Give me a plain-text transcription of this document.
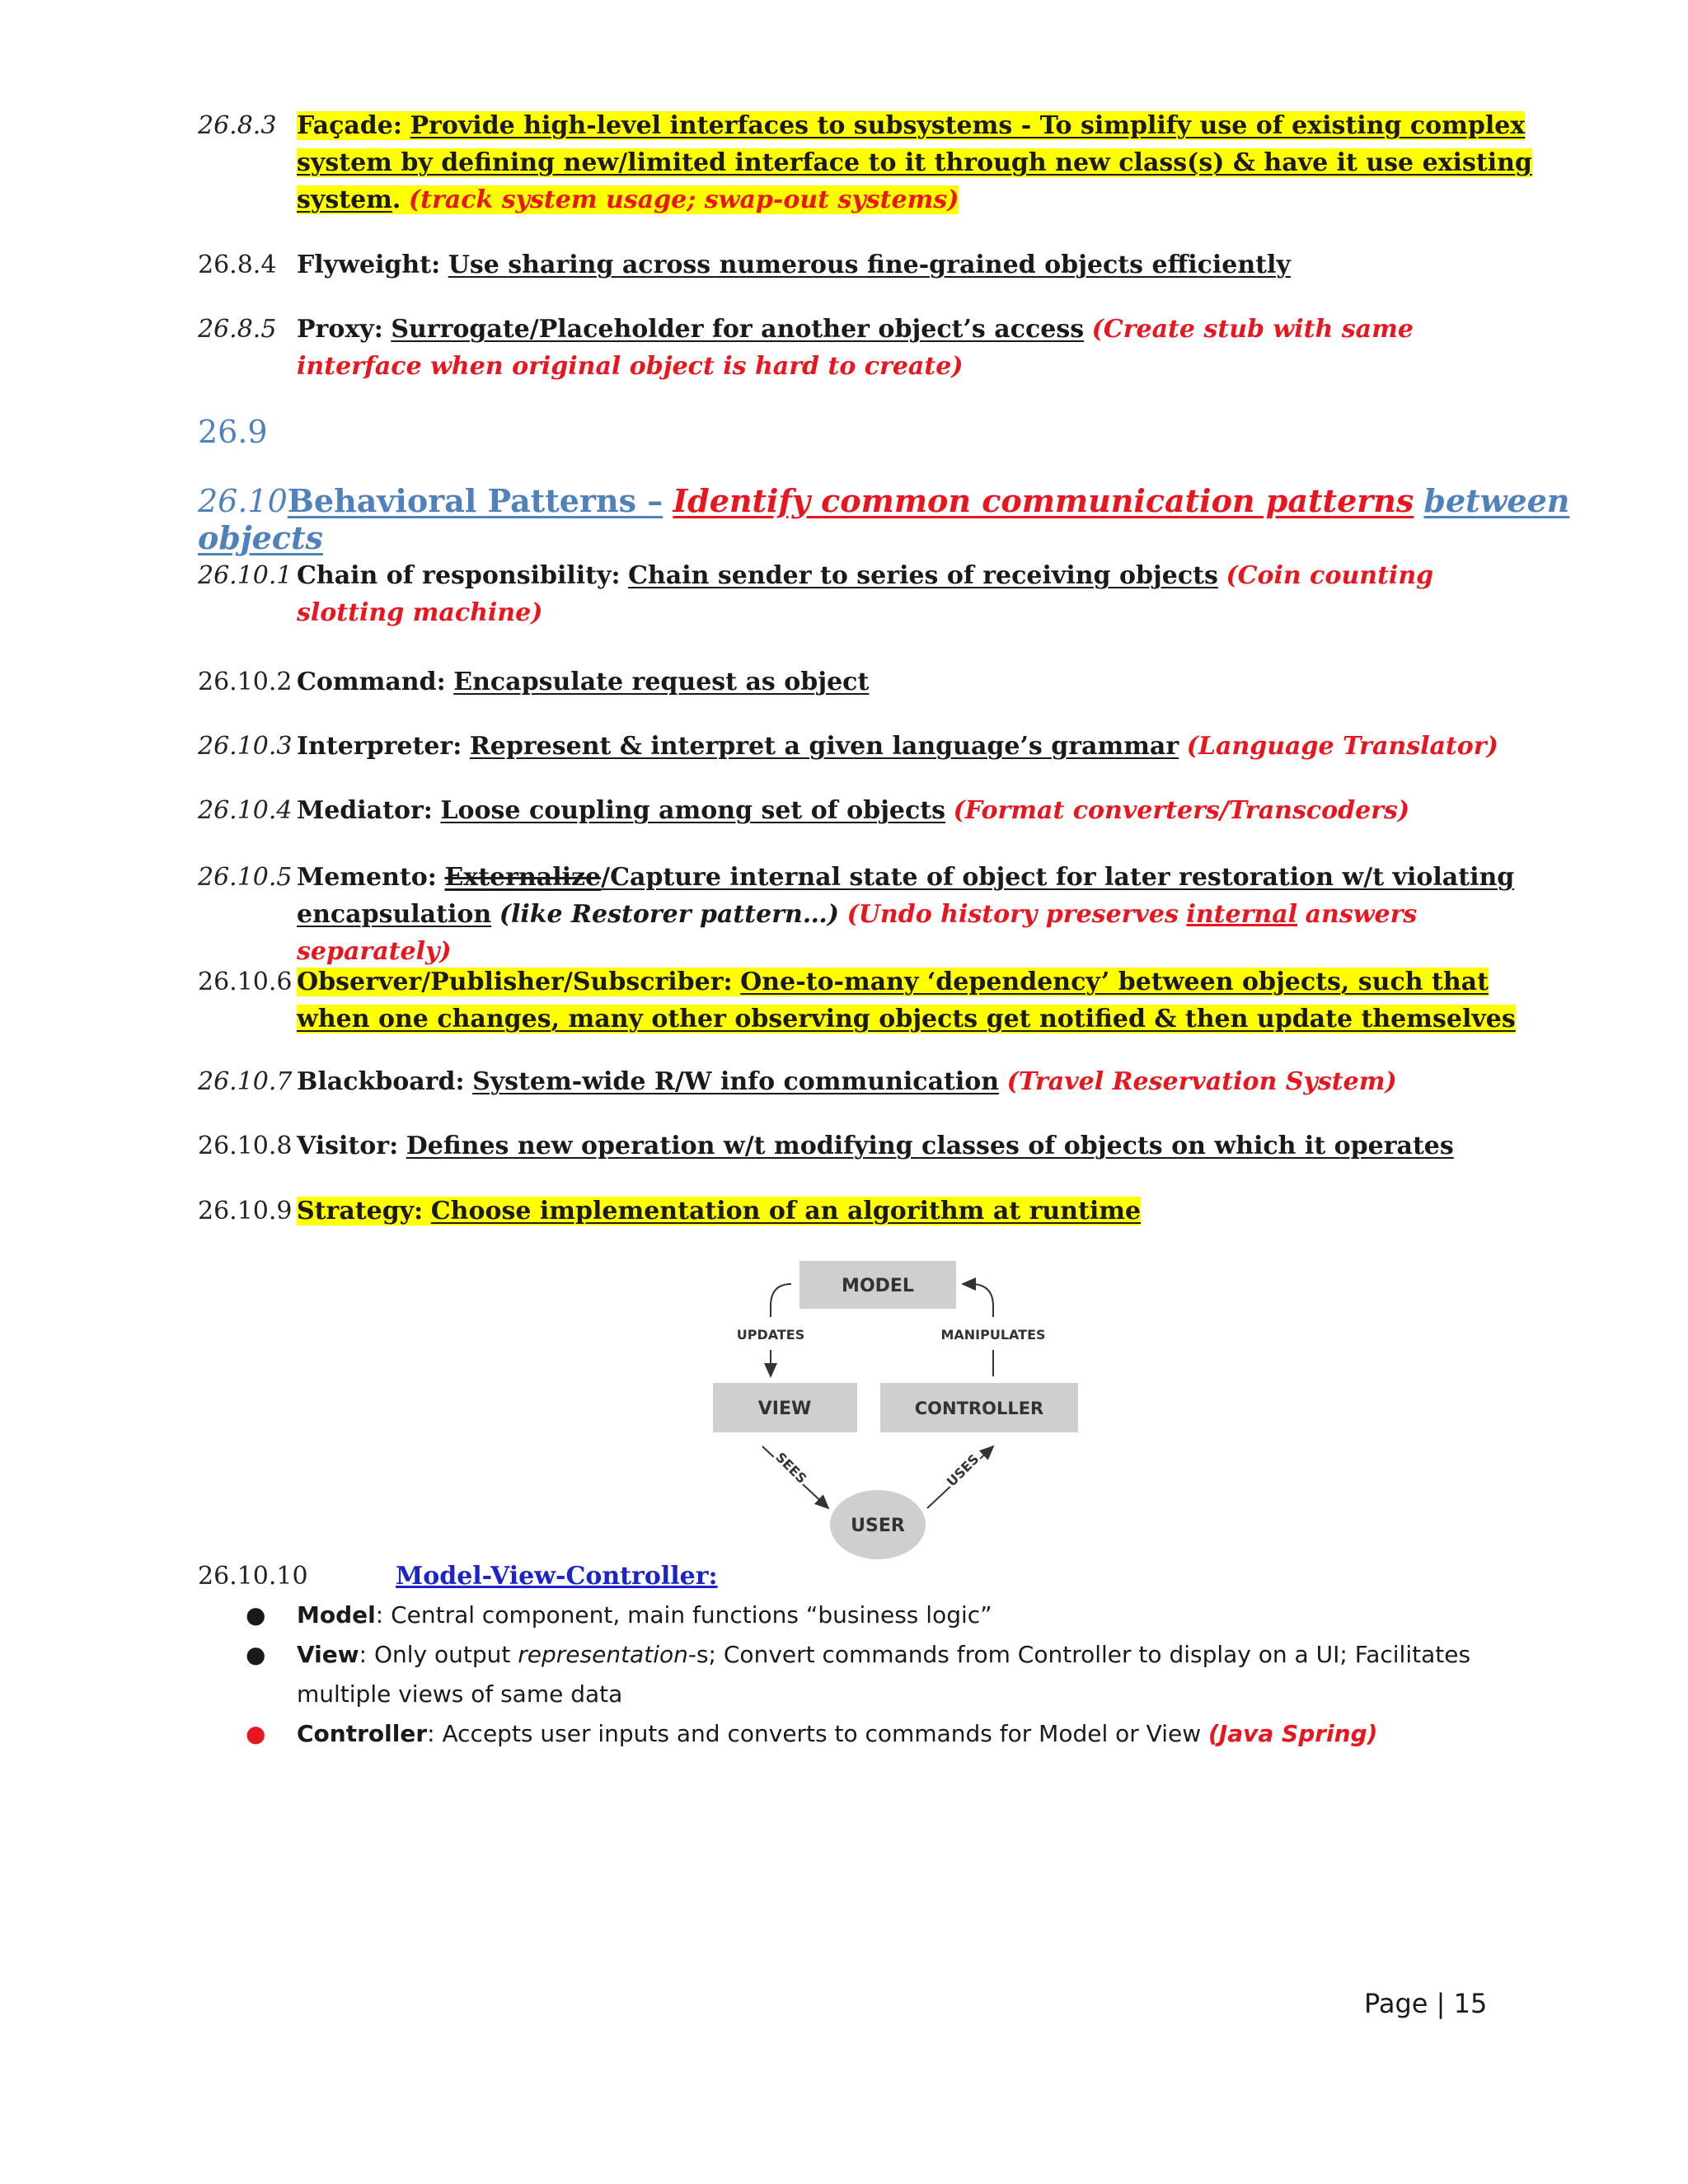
26.8.3 Façade: Provide high-level interfaces to subsystems - To simplify use of existing complex system by defining new/limited interface to it through new class(s) & have it use existing system. (track system usage; swap-out systems)
26.8.4 Flyweight: Use sharing across numerous fine-grained objects efficiently
26.8.5 Proxy: Surrogate/Placeholder for another object’s access (Create stub with same interface when original object is hard to create)
26.9
26.10Behavioral Patterns – Identify common communication patterns between objects
26.10.1 Chain of responsibility: Chain sender to series of receiving objects (Coin counting slotting machine)
26.10.2 Command: Encapsulate request as object
26.10.3 Interpreter: Represent & interpret a given language’s grammar (Language Translator)
26.10.4 Mediator: Loose coupling among set of objects (Format converters/Transcoders)
26.10.5 Memento: Externalize/Capture internal state of object for later restoration w/t violating encapsulation (like Restorer pattern…) (Undo history preserves internal answers separately)
26.10.6 Observer/Publisher/Subscriber: One-to-many ‘dependency’ between objects, such that when one changes, many other observing objects get notified & then update themselves
26.10.7 Blackboard: System-wide R/W info communication (Travel Reservation System)
26.10.8 Visitor: Defines new operation w/t modifying classes of objects on which it operates
26.10.9 Strategy: Choose implementation of an algorithm at runtime
MODEL
VIEW	CONTROLLER
USER
UPDATES	MANIPULATES
SEES	USES
26.10.10	Model-View-Controller:
● Model: Central component, main functions “business logic”
● View: Only output representation-s; Convert commands from Controller to display on a UI; Facilitates multiple views of same data
● Controller: Accepts user inputs and converts to commands for Model or View (Java Spring)
Page | 15
